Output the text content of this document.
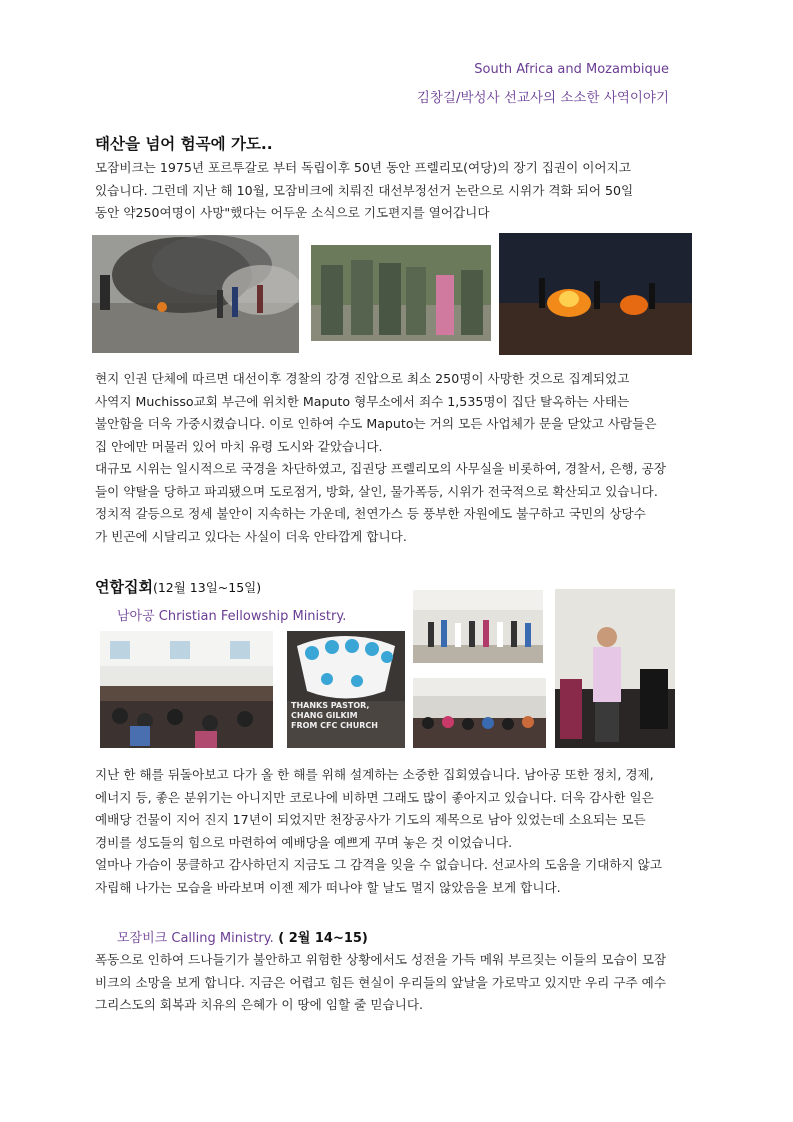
South Africa and Mozambique
김창길/박성사 선교사의 소소한 사역이야기
태산을 넘어 험곡에 가도..

모잠비크는 1975년 포르투갈로 부터 독립이후 50년 동안 프렐리모(여당)의 장기 집권이 이어지고

있습니다. 그런데 지난 해 10월, 모잠비크에 치뤄진 대선부정선거 논란으로 시위가 격화 되어 50일

동안 약250여명이 사망"했다는 어두운 소식으로 기도편지를 열어갑니다

현지 인권 단체에 따르면 대선이후 경찰의 강경 진압으로 최소 250명이 사망한 것으로 집계되었고

사역지 Muchisso교회 부근에 위치한 Maputo 형무소에서 죄수 1,535명이 집단 탈옥하는 사태는

불안함을 더욱 가중시켰습니다. 이로 인하여 수도 Maputo는 거의 모든 사업체가 문을 닫았고 사람들은

집 안에만 머물러 있어 마치 유령 도시와 같았습니다.

대규모 시위는 일시적으로 국경을 차단하였고, 집권당 프렐리모의 사무실을 비롯하여, 경찰서, 은행, 공장

들이 약탈을 당하고 파괴됐으며 도로점거, 방화, 살인, 물가폭등, 시위가 전국적으로 확산되고 있습니다.

정치적 갈등으로 정세 불안이 지속하는 가운데, 천연가스 등 풍부한 자원에도 불구하고 국민의 상당수

가 빈곤에 시달리고 있다는 사실이 더욱 안타깝게 합니다.

연합집회(12월 13일~15일)
남아공 Christian Fellowship Ministry.
THANKS PASTOR,
CHANG GILKIM
FROM CFC CHURCH

지난 한 해를 뒤돌아보고 다가 올 한 해를 위해 설계하는 소중한 집회였습니다. 남아공 또한 정치, 경제,

에너지 등, 좋은 분위기는 아니지만 코로나에 비하면 그래도 많이 좋아지고 있습니다. 더욱 감사한 일은

예배당 건물이 지어 진지 17년이 되었지만 천장공사가 기도의 제목으로 남아 있었는데 소요되는 모든

경비를 성도들의 힘으로 마련하여 예배당을 예쁘게 꾸며 놓은 것 이었습니다.

얼마나 가슴이 뭉클하고 감사하던지 지금도 그 감격을 잊을 수 없습니다. 선교사의 도움을 기대하지 않고

자립해 나가는 모습을 바라보며 이젠 제가 떠나야 할 날도 멀지 않았음을 보게 합니다.

모잠비크 Calling Ministry. ( 2월 14~15)

폭동으로 인하여 드나들기가 불안하고 위험한 상황에서도 성전을 가득 메워 부르짖는 이들의 모습이 모잠

비크의 소망을 보게 합니다. 지금은 어렵고 힘든 현실이 우리들의 앞날을 가로막고 있지만 우리 구주 예수

그리스도의 회복과 치유의 은혜가 이 땅에 임할 줄 믿습니다.
